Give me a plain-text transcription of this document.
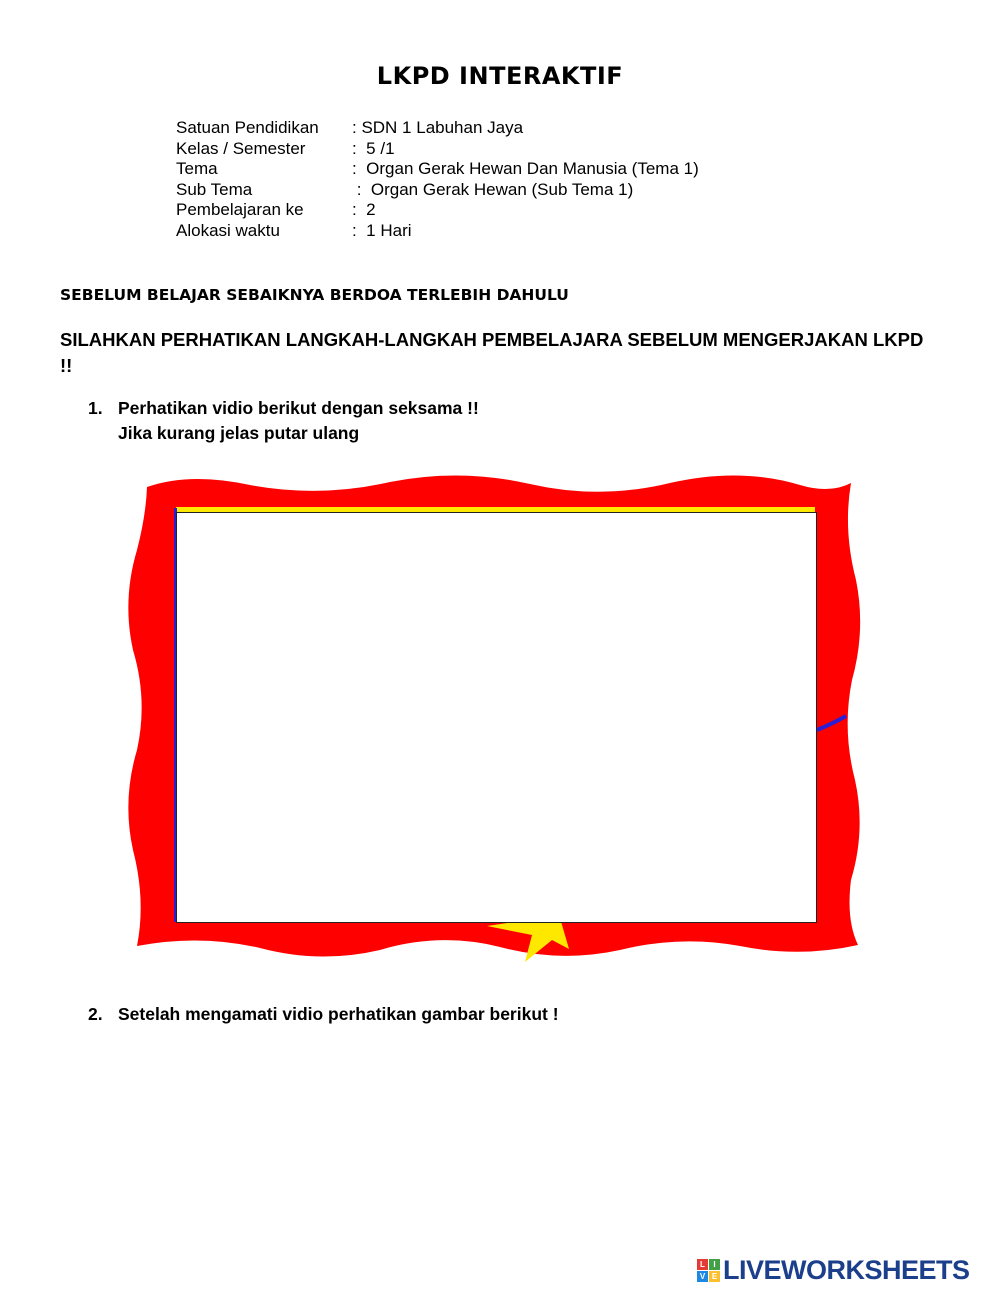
LKPD INTERAKTIF
Satuan Pendidikan	: SDN 1 Labuhan Jaya
Kelas / Semester	:  5 /1
Tema	:  Organ Gerak Hewan Dan Manusia (Tema 1)
Sub Tema	:  Organ Gerak Hewan (Sub Tema 1)
Pembelajaran ke	:  2
Alokasi waktu	:  1 Hari
SEBELUM BELAJAR SEBAIKNYA BERDOA TERLEBIH DAHULU
SILAHKAN PERHATIKAN LANGKAH-LANGKAH PEMBELAJARA SEBELUM MENGERJAKAN LKPD !!
1. Perhatikan vidio berikut dengan seksama !!
Jika kurang jelas putar ulang
2. Setelah mengamati vidio perhatikan gambar berikut !
L	I
V E LIVEWORKSHEETS
